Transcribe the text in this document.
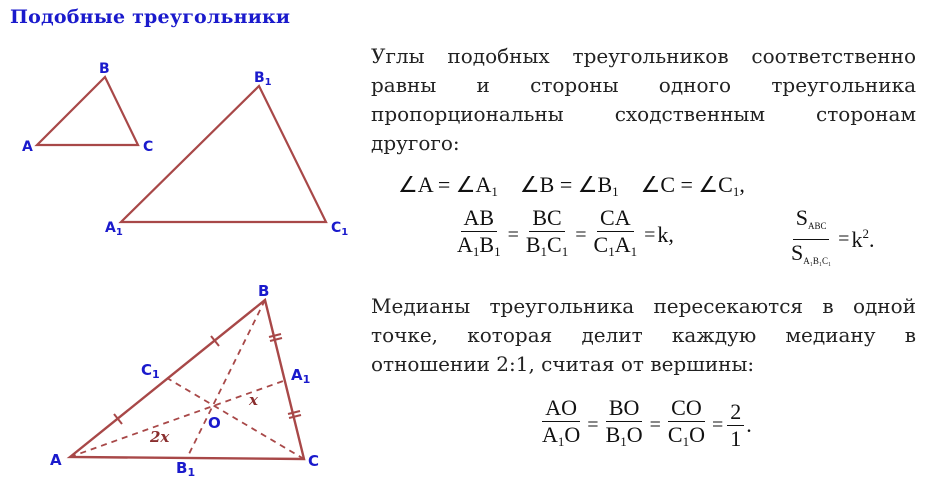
Подобные треугольники
A
B
C
$A_1$
$B_1$
$C_1$
A
B
C
O
$C_1$	$A_1$
$B_1$
x
2x
Углы подобных треугольников соответственно равны и стороны одного треугольника пропорциональны сходственным сторонам другого:
∠A = $\angle A_1$ ∠B = $\angle B_1$ ∠C = $\angle C_1$,
$\frac{AB}{A_1B_1} = \frac{BC}{B_1C_1} = \frac{CA}{C_1A_1} =k$,	$\frac{S_{ABC}}{S_{A_1B_1C_1}} =k^2$.
Медианы треугольника пересекаются в одной точке, которая делит каждую медиану в отношении 2:1, считая от вершины:
$\frac{AO}{A_1O} = \frac{BO}{B_1O} = \frac{CO}{C_1O} = \frac{2}{1}$ .
